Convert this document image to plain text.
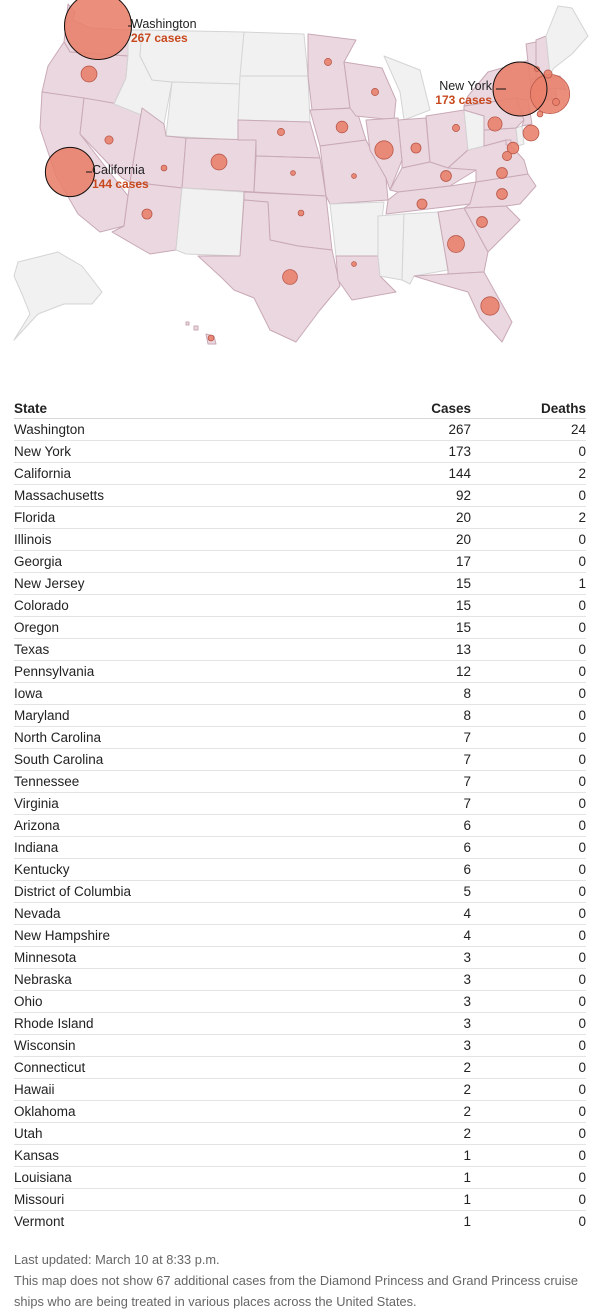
Washington
267 cases
New York
173 cases
California
144 cases
State	Cases	Deaths
Washington	267	24
New York	173	0
California	144	2
Massachusetts	92	0
Florida	20	2
Illinois	20	0
Georgia	17	0
New Jersey	15	1
Colorado	15	0
Oregon	15	0
Texas	13	0
Pennsylvania	12	0
Iowa	8	0
Maryland	8	0
North Carolina	7	0
South Carolina	7	0
Tennessee	7	0
Virginia	7	0
Arizona	6	0
Indiana	6	0
Kentucky	6	0
District of Columbia	5	0
Nevada	4	0
New Hampshire	4	0
Minnesota	3	0
Nebraska	3	0
Ohio	3	0
Rhode Island	3	0
Wisconsin	3	0
Connecticut	2	0
Hawaii	2	0
Oklahoma	2	0
Utah	2	0
Kansas	1	0
Louisiana	1	0
Missouri	1	0
Vermont	1	0

Last updated: March 10 at 8:33 p.m.

This map does not show 67 additional cases from the Diamond Princess and Grand Princess cruise ships who are being treated in various places across the United States.
